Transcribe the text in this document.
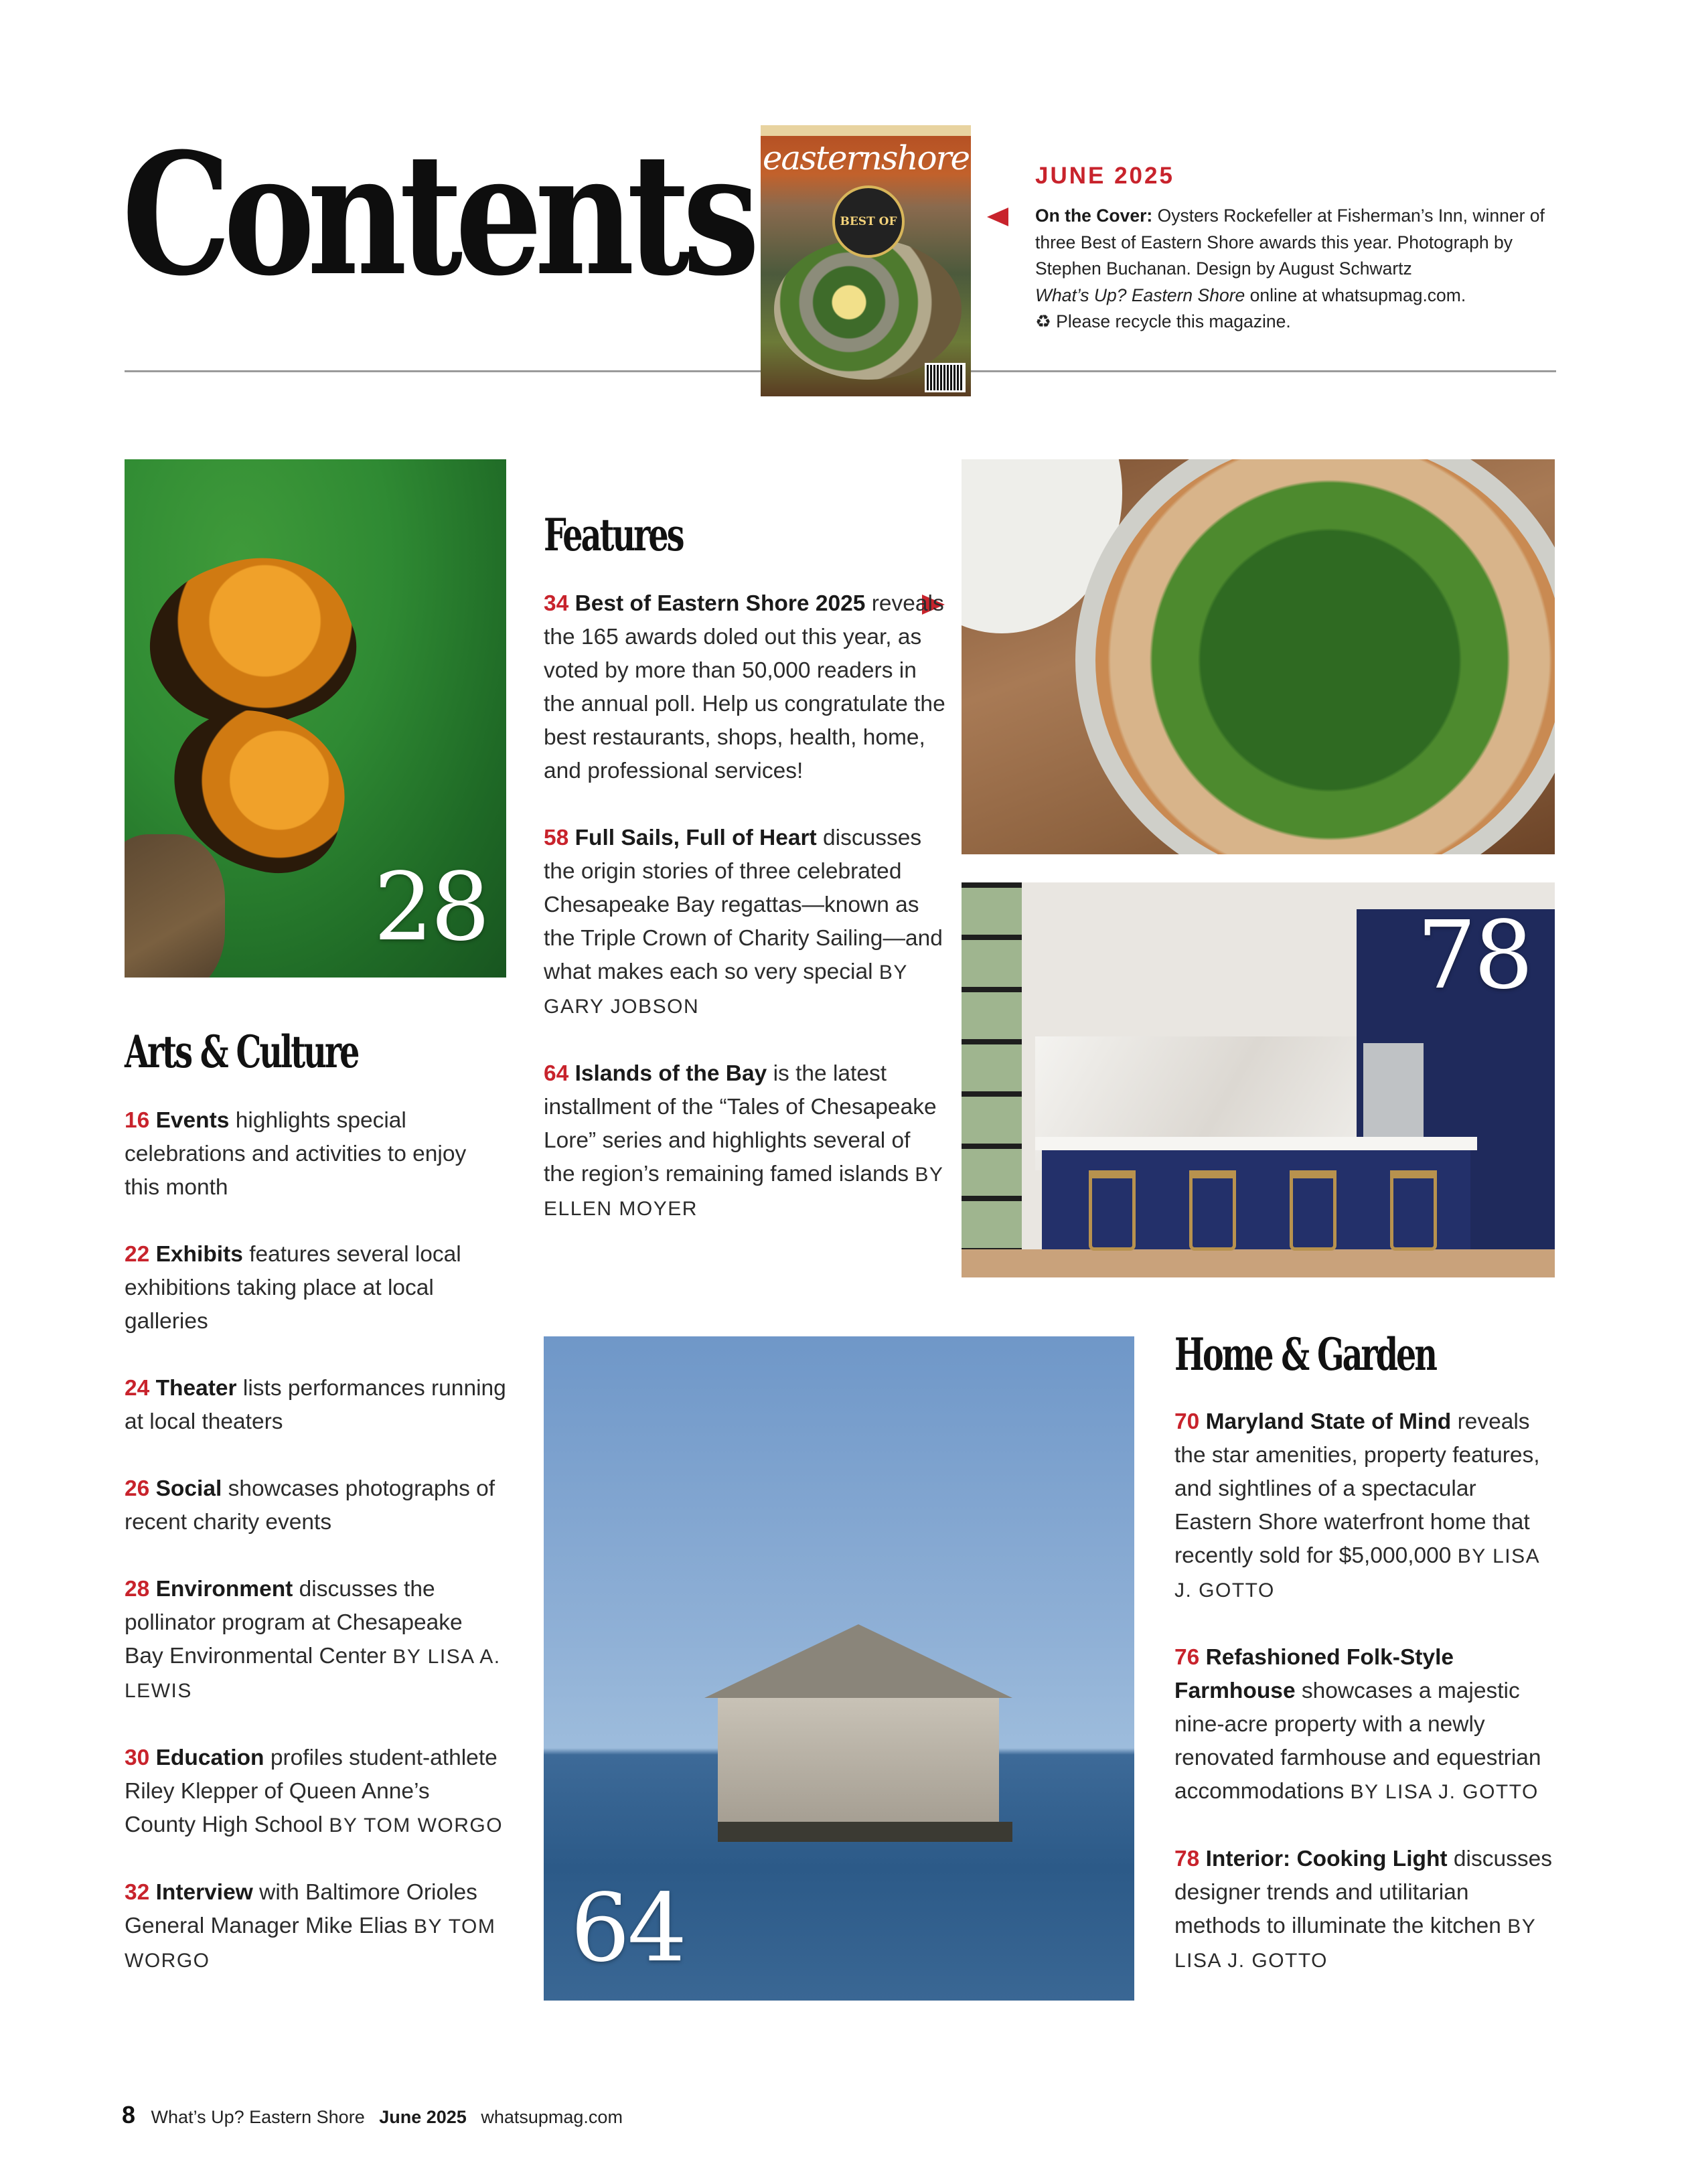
Contents easternshore
BEST OF
JUNE 2025
On the Cover: Oysters Rockefeller at Fisherman’s Inn, winner of three Best of Eastern Shore awards this year. Photograph by Stephen Buchanan. Design by August Schwartz
What’s Up? Eastern Shore online at whatsupmag.com.
♻ Please recycle this magazine.
28	78
64
Features
34 Best of Eastern Shore 2025 reveals the 165 awards doled out this year, as voted by more than 50,000 readers in the annual poll. Help us congratulate the best restaurants, shops, health, home, and professional services!
58 Full Sails, Full of Heart discusses the origin stories of three celebrated Chesapeake Bay regattas—known as the Triple Crown of Charity Sailing—and what makes each so very special BY GARY JOBSON
64 Islands of the Bay is the latest installment of the “Tales of Chesapeake Lore” series and highlights several of the region’s remaining famed islands BY ELLEN MOYER
Arts & Culture
16 Events highlights special celebrations and activities to enjoy this month
22 Exhibits features several local exhibitions taking place at local galleries
24 Theater lists performances running at local theaters
26 Social showcases photographs of recent charity events
28 Environment discusses the pollinator program at Chesapeake Bay Environmental Center BY LISA A. LEWIS
30 Education profiles student-athlete Riley Klepper of Queen Anne’s County High School BY TOM WORGO
32 Interview with Baltimore Orioles General Manager Mike Elias BY TOM WORGO
Home & Garden
70 Maryland State of Mind reveals the star amenities, property features, and sightlines of a spectacular Eastern Shore waterfront home that recently sold for $5,000,000 BY LISA J. GOTTO
76 Refashioned Folk-Style Farmhouse showcases a majestic nine-acre property with a newly renovated farmhouse and equestrian accommodations BY LISA J. GOTTO
78 Interior: Cooking Light discusses designer trends and utilitarian methods to illuminate the kitchen BY LISA J. GOTTO
8 What’s Up? Eastern Shore June 2025 whatsupmag.com
